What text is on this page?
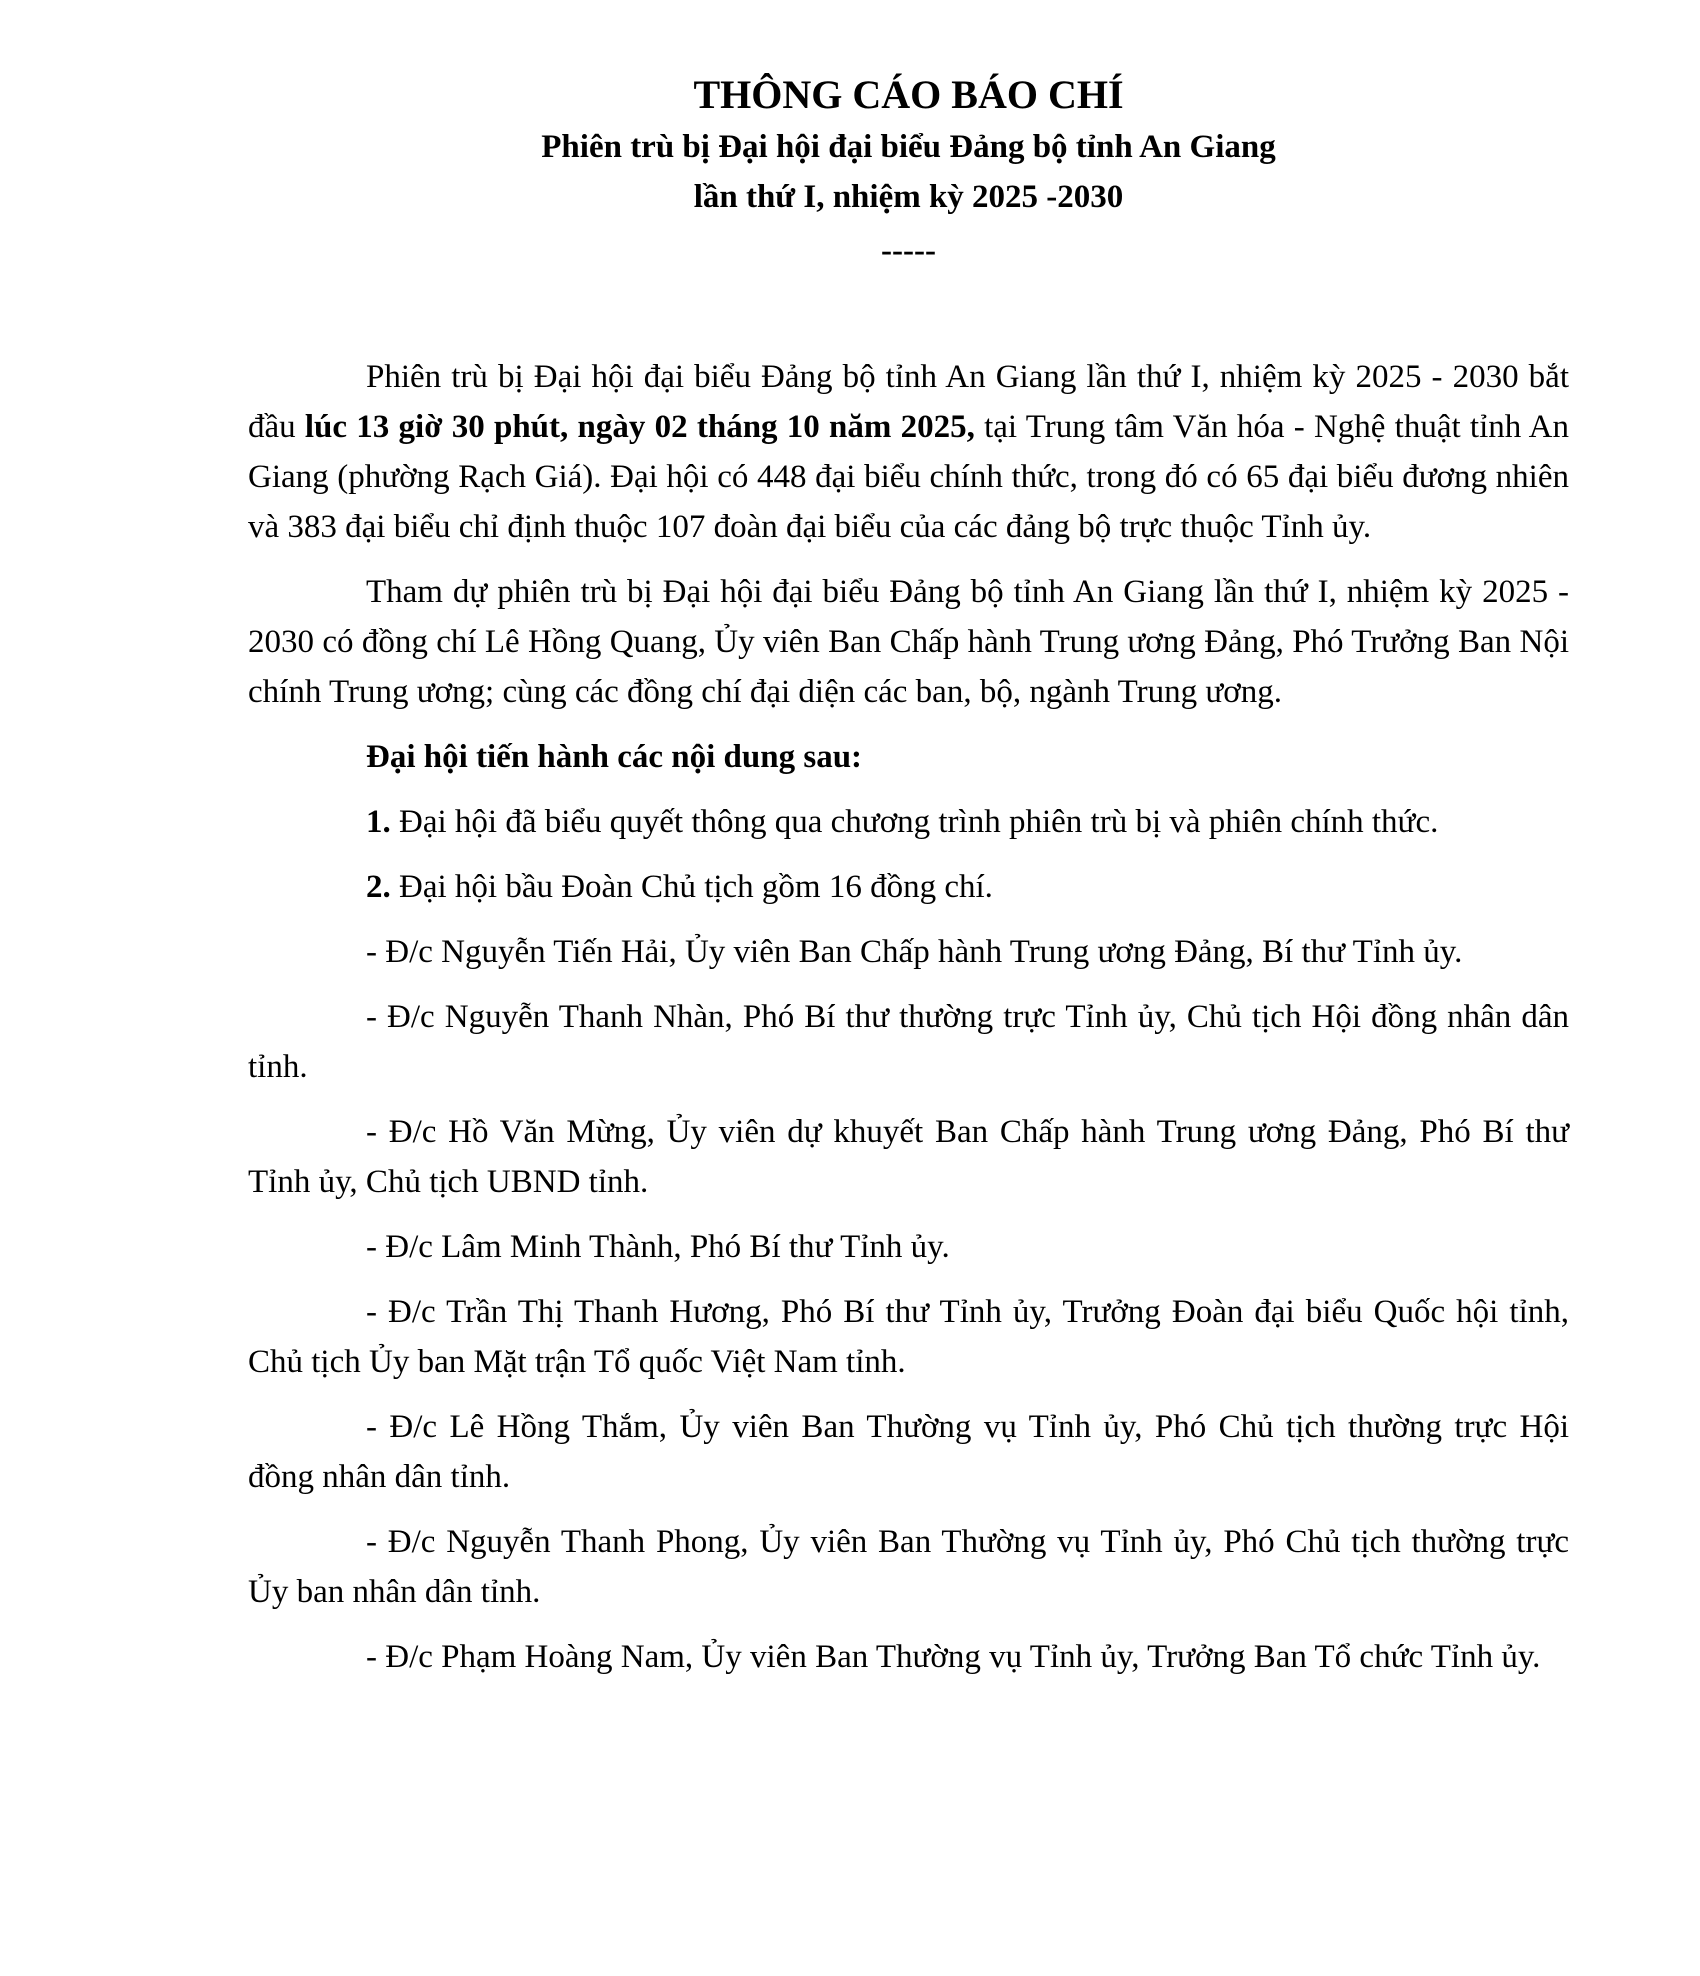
THÔNG CÁO BÁO CHÍ
Phiên trù bị Đại hội đại biểu Đảng bộ tỉnh An Giang
lần thứ I, nhiệm kỳ 2025 -2030
-----

Phiên trù bị Đại hội đại biểu Đảng bộ tỉnh An Giang lần thứ I, nhiệm kỳ 2025 - 2030 bắt đầu lúc 13 giờ 30 phút, ngày 02 tháng 10 năm 2025, tại Trung tâm Văn hóa - Nghệ thuật tỉnh An Giang (phường Rạch Giá). Đại hội có 448 đại biểu chính thức, trong đó có 65 đại biểu đương nhiên và 383 đại biểu chỉ định thuộc 107 đoàn đại biểu của các đảng bộ trực thuộc Tỉnh ủy.

Tham dự phiên trù bị Đại hội đại biểu Đảng bộ tỉnh An Giang lần thứ I, nhiệm kỳ 2025 - 2030 có đồng chí Lê Hồng Quang, Ủy viên Ban Chấp hành Trung ương Đảng, Phó Trưởng Ban Nội chính Trung ương; cùng các đồng chí đại diện các ban, bộ, ngành Trung ương.

Đại hội tiến hành các nội dung sau:

1. Đại hội đã biểu quyết thông qua chương trình phiên trù bị và phiên chính thức.

2. Đại hội bầu Đoàn Chủ tịch gồm 16 đồng chí.

- Đ/c Nguyễn Tiến Hải, Ủy viên Ban Chấp hành Trung ương Đảng, Bí thư Tỉnh ủy.

- Đ/c Nguyễn Thanh Nhàn, Phó Bí thư thường trực Tỉnh ủy, Chủ tịch Hội đồng nhân dân tỉnh.

- Đ/c Hồ Văn Mừng, Ủy viên dự khuyết Ban Chấp hành Trung ương Đảng, Phó Bí thư Tỉnh ủy, Chủ tịch UBND tỉnh.

- Đ/c Lâm Minh Thành, Phó Bí thư Tỉnh ủy.

- Đ/c Trần Thị Thanh Hương, Phó Bí thư Tỉnh ủy, Trưởng Đoàn đại biểu Quốc hội tỉnh, Chủ tịch Ủy ban Mặt trận Tổ quốc Việt Nam tỉnh.

- Đ/c Lê Hồng Thắm, Ủy viên Ban Thường vụ Tỉnh ủy, Phó Chủ tịch thường trực Hội đồng nhân dân tỉnh.

- Đ/c Nguyễn Thanh Phong, Ủy viên Ban Thường vụ Tỉnh ủy, Phó Chủ tịch thường trực Ủy ban nhân dân tỉnh.

- Đ/c Phạm Hoàng Nam, Ủy viên Ban Thường vụ Tỉnh ủy, Trưởng Ban Tổ chức Tỉnh ủy.
